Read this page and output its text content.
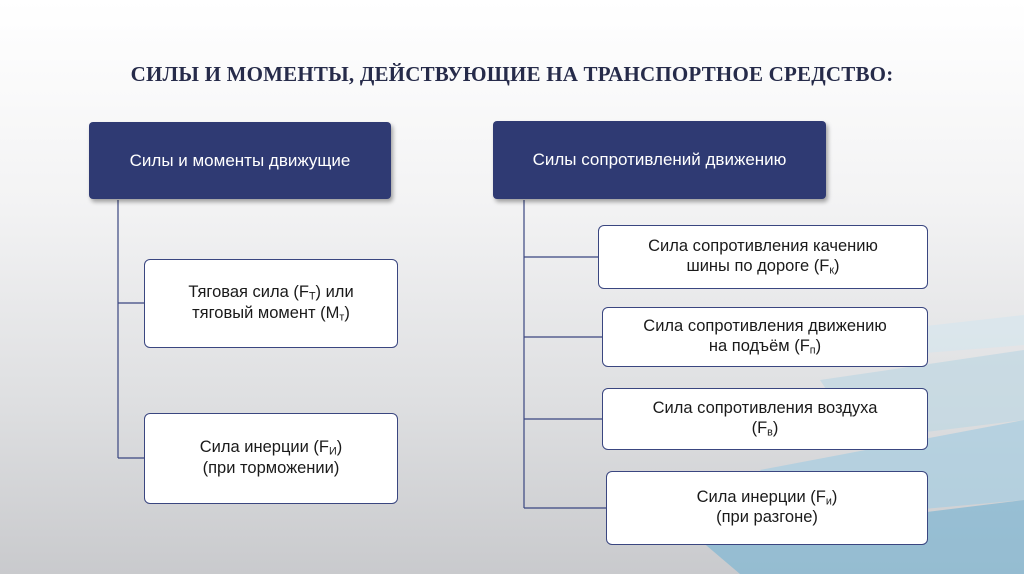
СИЛЫ И МОМЕНТЫ, ДЕЙСТВУЮЩИЕ НА ТРАНСПОРТНОЕ СРЕДСТВО:
Силы и моменты движущие
Тяговая сила $(F_Т)$ или
тяговый момент $(M_т)$
Сила инерции $(F_И)$
(при торможении)
Силы сопротивлений движению
Сила сопротивления качению
шины по дороге $(F_к)$
Сила сопротивления движению
на подъём $(F_п)$
Сила сопротивления воздуха
$(F_в)$
Сила инерции $(F_и)$
(при разгоне)
